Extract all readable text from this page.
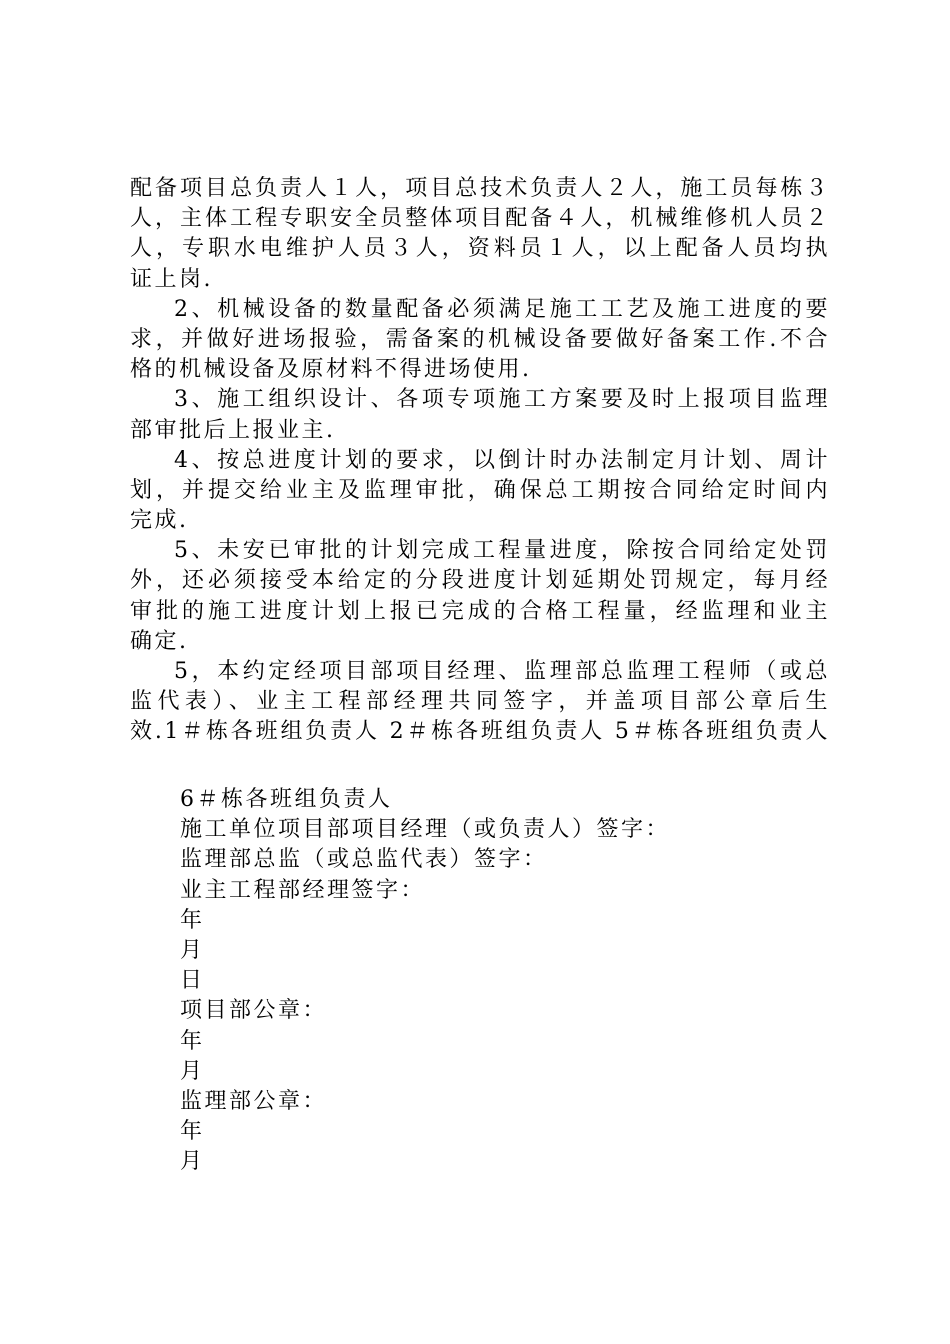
配备项目总负责人１人，项目总技术负责人２人，施工员每栋３
人，主体工程专职安全员整体项目配备４人，机械维修机人员２
人，专职水电维护人员３人，资料员１人，以上配备人员均执
证上岗.
2、机械设备的数量配备必须满足施工工艺及施工进度的要
求，并做好进场报验，需备案的机械设备要做好备案工作.不合
格的机械设备及原材料不得进场使用.
3、施工组织设计、各项专项施工方案要及时上报项目监理
部审批后上报业主.
4、按总进度计划的要求，以倒计时办法制定月计划、周计
划，并提交给业主及监理审批，确保总工期按合同给定时间内
完成.
5、未安已审批的计划完成工程量进度，除按合同给定处罚
外，还必须接受本给定的分段进度计划延期处罚规定，每月经
审批的施工进度计划上报已完成的合格工程量，经监理和业主
确定.
5，本约定经项目部项目经理、监理部总监理工程师（或总
监代表）、业主工程部经理共同签字，并盖项目部公章后生
效.1＃栋各班组负责人 2＃栋各班组负责人 5＃栋各班组负责人
6＃栋各班组负责人
施工单位项目部项目经理（或负责人）签字：
监理部总监（或总监代表）签字：
业主工程部经理签字：
年
月
日
项目部公章：
年
月
监理部公章：
年
月
